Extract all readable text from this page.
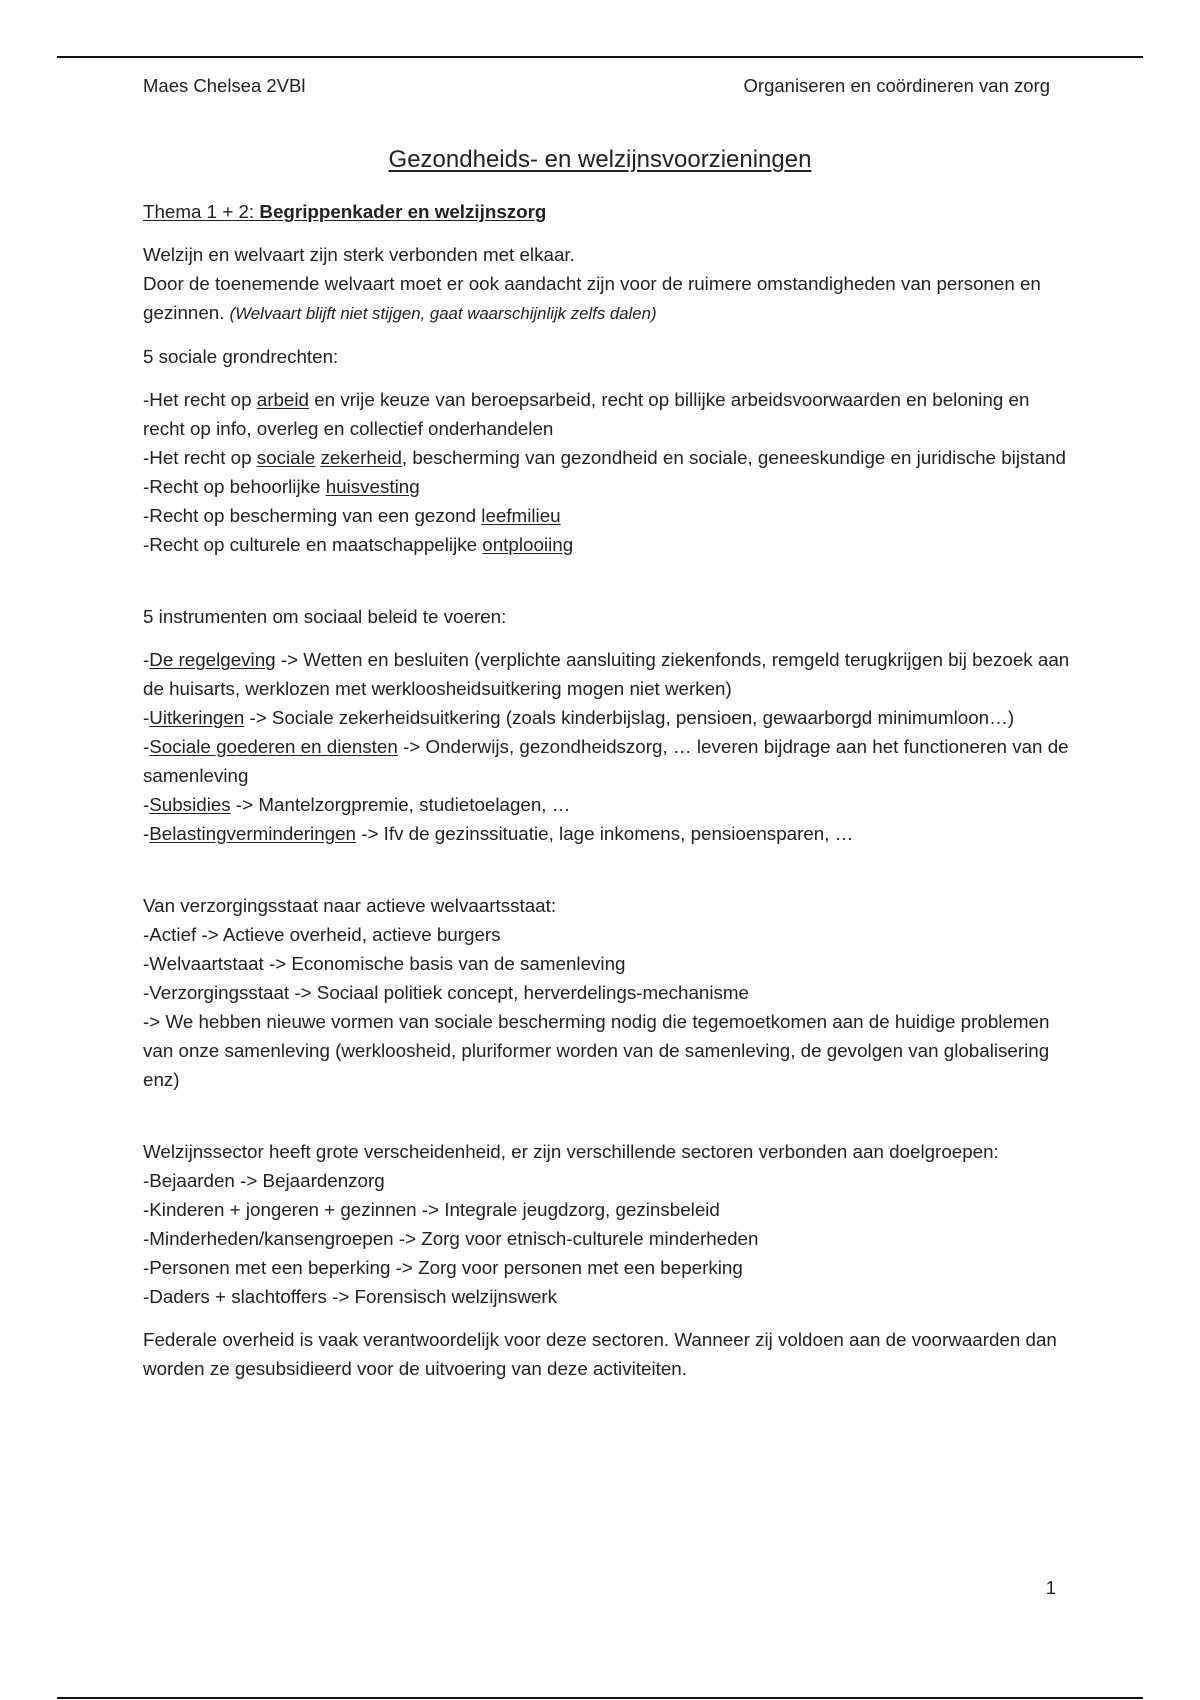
Maes Chelsea 2VBl	Organiseren en coördineren van zorg
Gezondheids- en welzijnsvoorzieningen

Thema 1 + 2: Begrippenkader en welzijnszorg

Welzijn en welvaart zijn sterk verbonden met elkaar.
Door de toenemende welvaart moet er ook aandacht zijn voor de ruimere omstandigheden van personen en gezinnen. (Welvaart blijft niet stijgen, gaat waarschijnlijk zelfs dalen)

5 sociale grondrechten:

-Het recht op arbeid en vrije keuze van beroepsarbeid, recht op billijke arbeidsvoorwaarden en beloning en recht op info, overleg en collectief onderhandelen
-Het recht op sociale zekerheid, bescherming van gezondheid en sociale, geneeskundige en juridische bijstand
-Recht op behoorlijke huisvesting
-Recht op bescherming van een gezond leefmilieu
-Recht op culturele en maatschappelijke ontplooiing

5 instrumenten om sociaal beleid te voeren:

-De regelgeving -> Wetten en besluiten (verplichte aansluiting ziekenfonds, remgeld terugkrijgen bij bezoek aan de huisarts, werklozen met werkloosheidsuitkering mogen niet werken)
-Uitkeringen -> Sociale zekerheidsuitkering (zoals kinderbijslag, pensioen, gewaarborgd minimumloon…)
-Sociale goederen en diensten -> Onderwijs, gezondheidszorg, … leveren bijdrage aan het functioneren van de samenleving
-Subsidies -> Mantelzorgpremie, studietoelagen, …
-Belastingverminderingen -> Ifv de gezinssituatie, lage inkomens, pensioensparen, …

Van verzorgingsstaat naar actieve welvaartsstaat:
-Actief -> Actieve overheid, actieve burgers
-Welvaartstaat -> Economische basis van de samenleving
-Verzorgingsstaat -> Sociaal politiek concept, herverdelings-mechanisme
-> We hebben nieuwe vormen van sociale bescherming nodig die tegemoetkomen aan de huidige problemen van onze samenleving (werkloosheid, pluriformer worden van de samenleving, de gevolgen van globalisering enz)

Welzijnssector heeft grote verscheidenheid, er zijn verschillende sectoren verbonden aan doelgroepen:
-Bejaarden -> Bejaardenzorg
-Kinderen + jongeren + gezinnen -> Integrale jeugdzorg, gezinsbeleid
-Minderheden/kansengroepen -> Zorg voor etnisch-culturele minderheden
-Personen met een beperking -> Zorg voor personen met een beperking
-Daders + slachtoffers -> Forensisch welzijnswerk

Federale overheid is vaak verantwoordelijk voor deze sectoren. Wanneer zij voldoen aan de voorwaarden dan worden ze gesubsidieerd voor de uitvoering van deze activiteiten.

1
